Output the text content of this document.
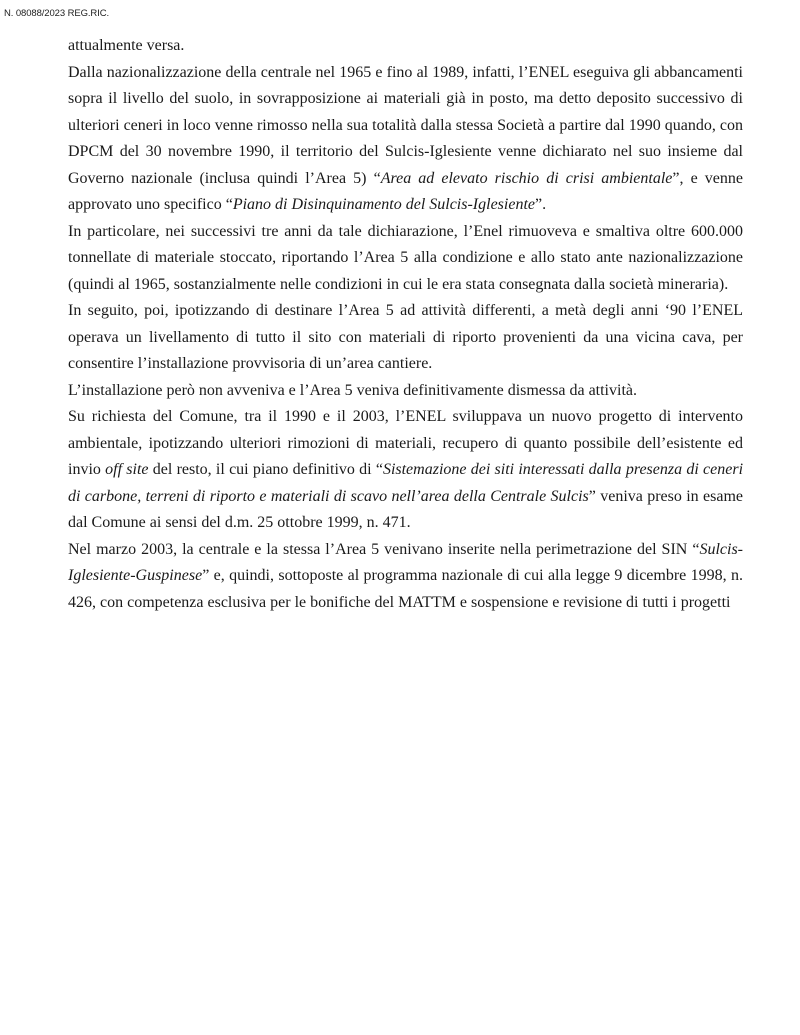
N. 08088/2023 REG.RIC.

attualmente versa.

Dalla nazionalizzazione della centrale nel 1965 e fino al 1989, infatti, l’ENEL eseguiva gli abbancamenti sopra il livello del suolo, in sovrapposizione ai materiali già in posto, ma detto deposito successivo di ulteriori ceneri in loco venne rimosso nella sua totalità dalla stessa Società a partire dal 1990 quando, con DPCM del 30 novembre 1990, il territorio del Sulcis-Iglesiente venne dichiarato nel suo insieme dal Governo nazionale (inclusa quindi l’Area 5) “Area ad elevato rischio di crisi ambientale”, e venne approvato uno specifico “Piano di Disinquinamento del Sulcis-Iglesiente”.

In particolare, nei successivi tre anni da tale dichiarazione, l’Enel rimuoveva e smaltiva oltre 600.000 tonnellate di materiale stoccato, riportando l’Area 5 alla condizione e allo stato ante nazionalizzazione (quindi al 1965, sostanzialmente nelle condizioni in cui le era stata consegnata dalla società mineraria).

In seguito, poi, ipotizzando di destinare l’Area 5 ad attività differenti, a metà degli anni ‘90 l’ENEL operava un livellamento di tutto il sito con materiali di riporto provenienti da una vicina cava, per consentire l’installazione provvisoria di un’area cantiere.

L’installazione però non avveniva e l’Area 5 veniva definitivamente dismessa da attività.

Su richiesta del Comune, tra il 1990 e il 2003, l’ENEL sviluppava un nuovo progetto di intervento ambientale, ipotizzando ulteriori rimozioni di materiali, recupero di quanto possibile dell’esistente ed invio off site del resto, il cui piano definitivo di “Sistemazione dei siti interessati dalla presenza di ceneri di carbone, terreni di riporto e materiali di scavo nell’area della Centrale Sulcis” veniva preso in esame dal Comune ai sensi del d.m. 25 ottobre 1999, n. 471.

Nel marzo 2003, la centrale e la stessa l’Area 5 venivano inserite nella perimetrazione del SIN “Sulcis-Iglesiente-Guspinese” e, quindi, sottoposte al programma nazionale di cui alla legge 9 dicembre 1998, n. 426, con competenza esclusiva per le bonifiche del MATTM e sospensione e revisione di tutti i progetti
